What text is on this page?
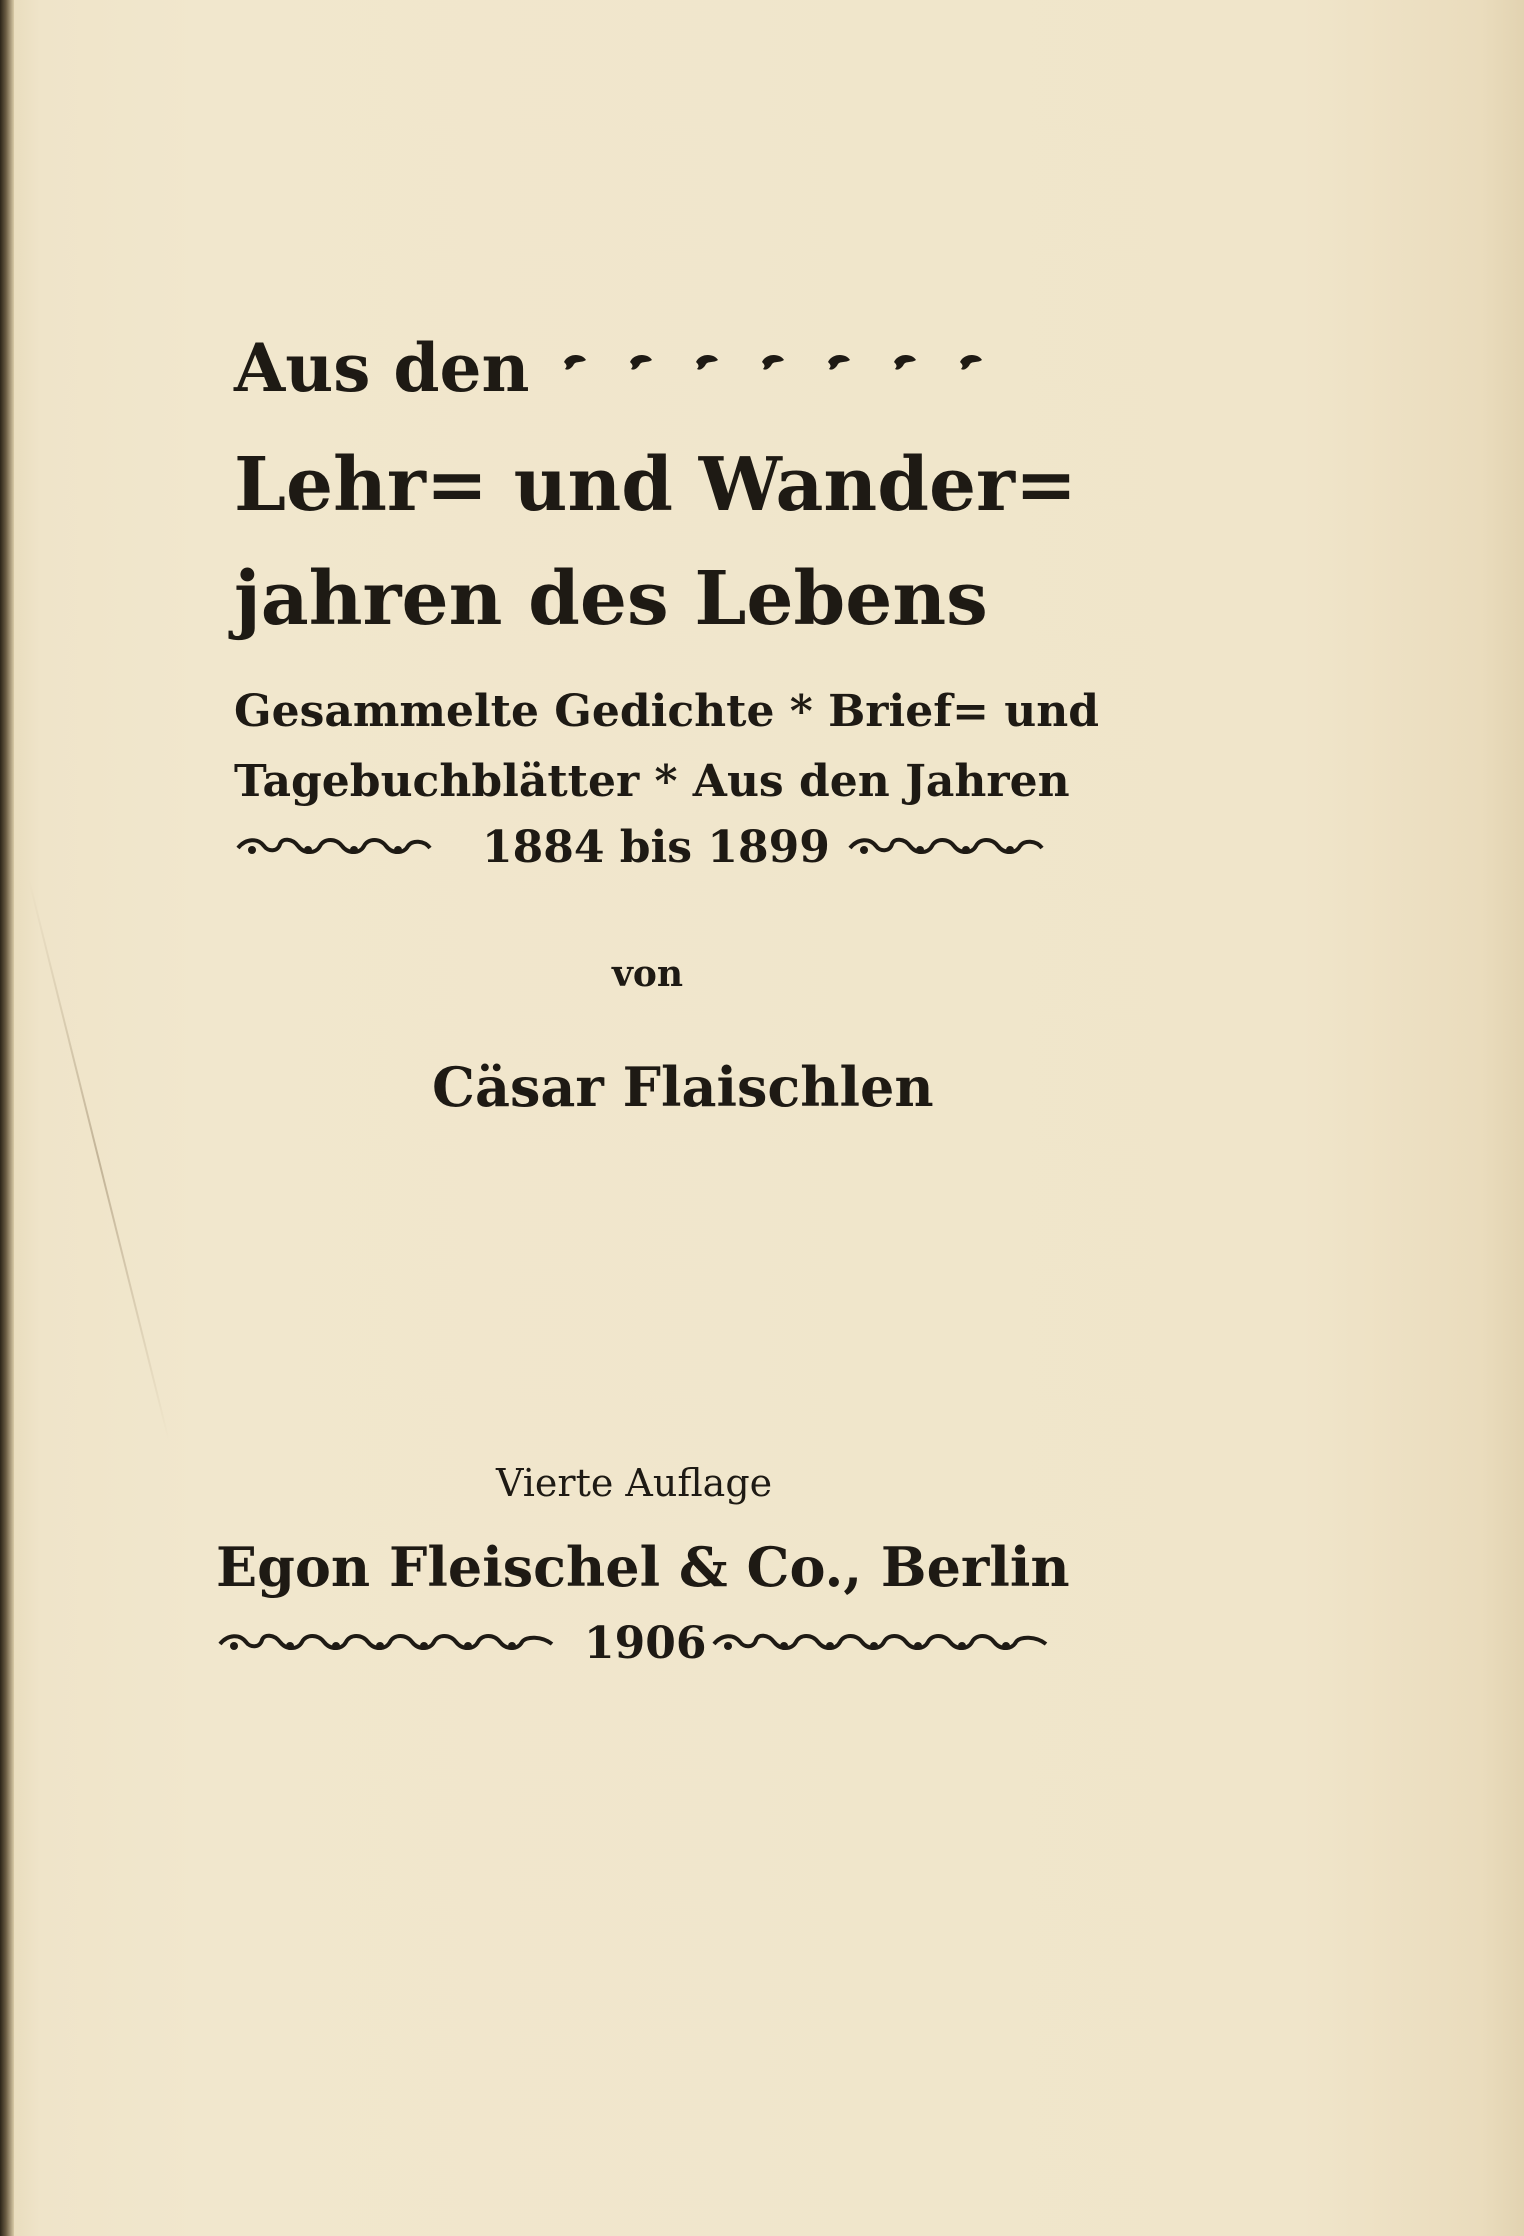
Aus den
Lehr= und Wander=
jahren des Lebens
Gesammelte Gedichte * Brief= und
Tagebuchblätter * Aus den Jahren
1884 bis 1899
von
Cäsar Flaischlen
Vierte Auflage
Egon Fleischel & Co., Berlin
1906
